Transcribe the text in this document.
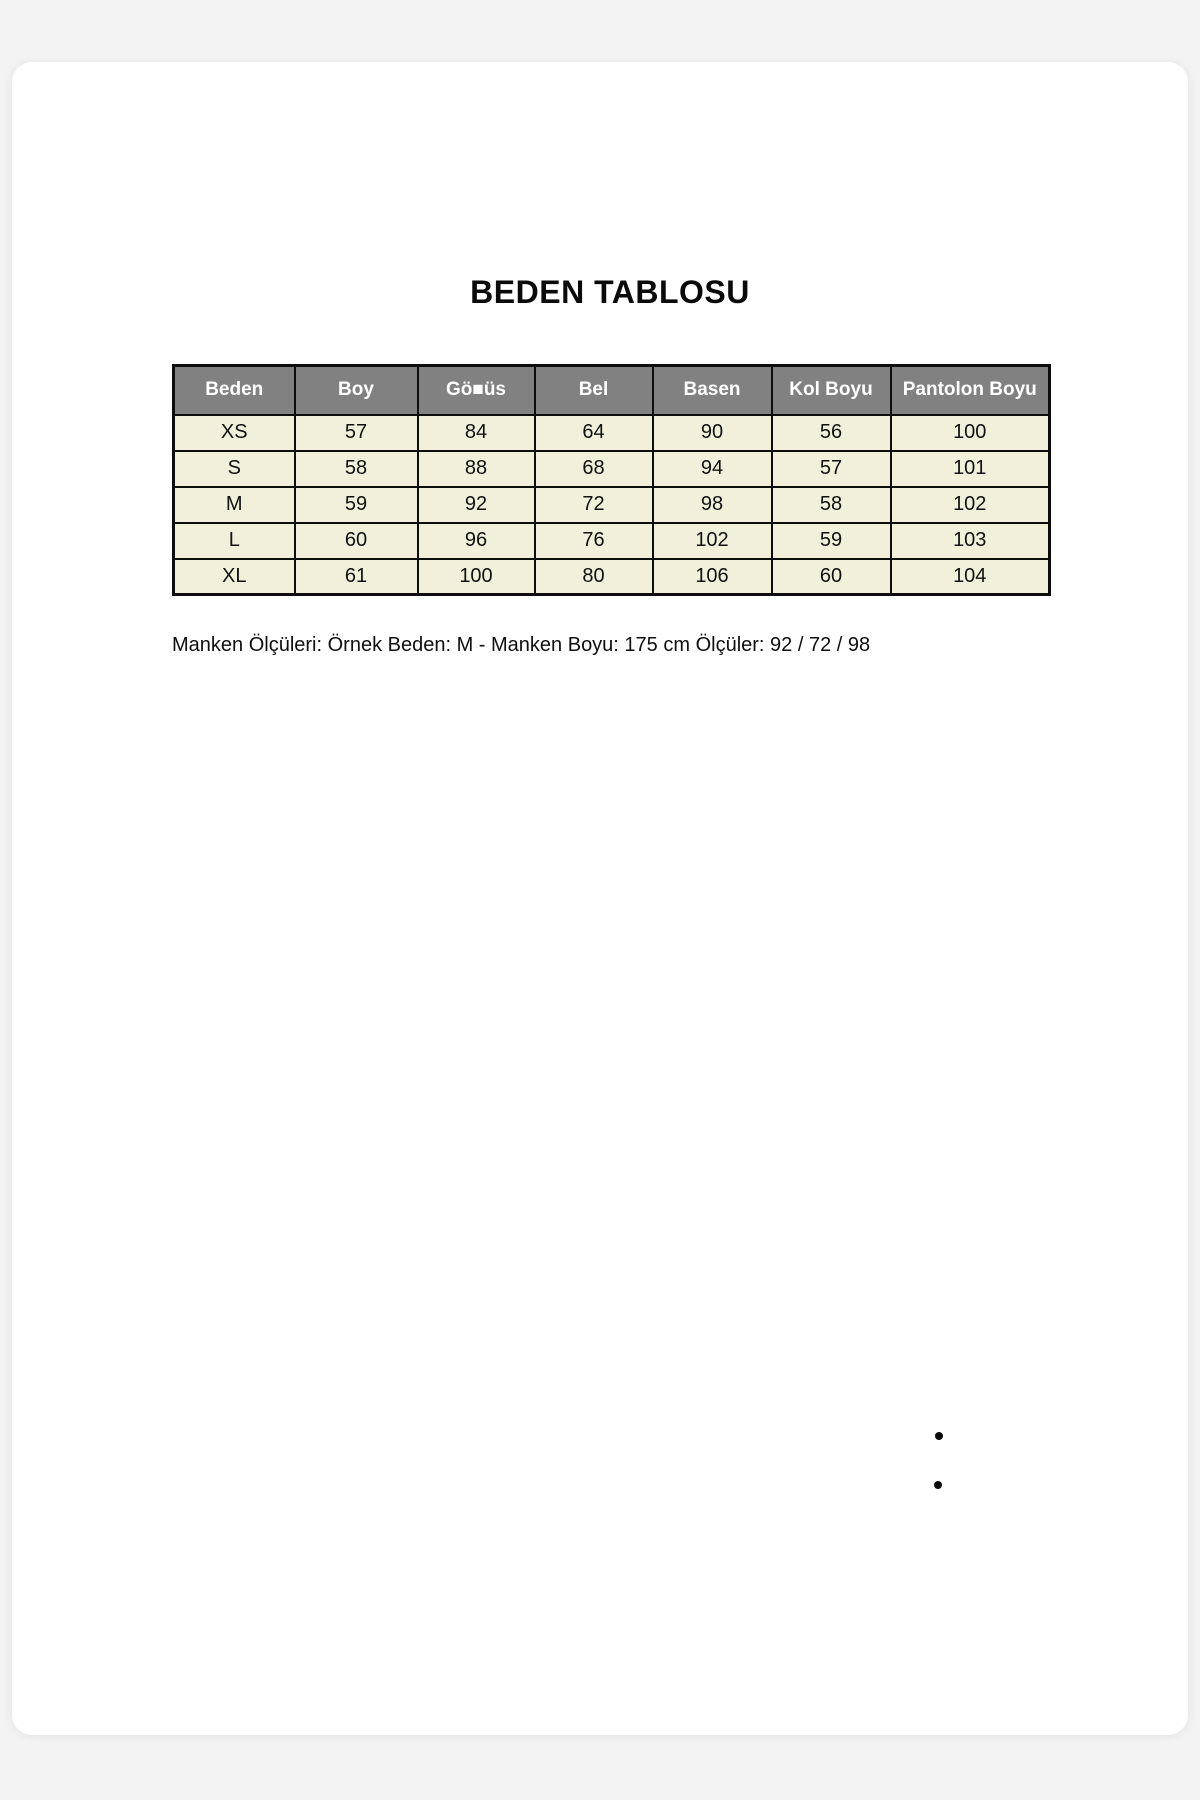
BEDEN TABLOSU
Beden	Boy	Gö■üs	Bel	Basen	Kol Boyu	Pantolon Boyu
XS	57	84	64	90	56	100
S	58	88	68	94	57	101
M	59	92	72	98	58	102
L	60	96	76	102	59	103
XL	61	100	80	106	60	104

Manken Ölçüleri: Örnek Beden: M - Manken Boyu: 175 cm Ölçüler: 92 / 72 / 98
